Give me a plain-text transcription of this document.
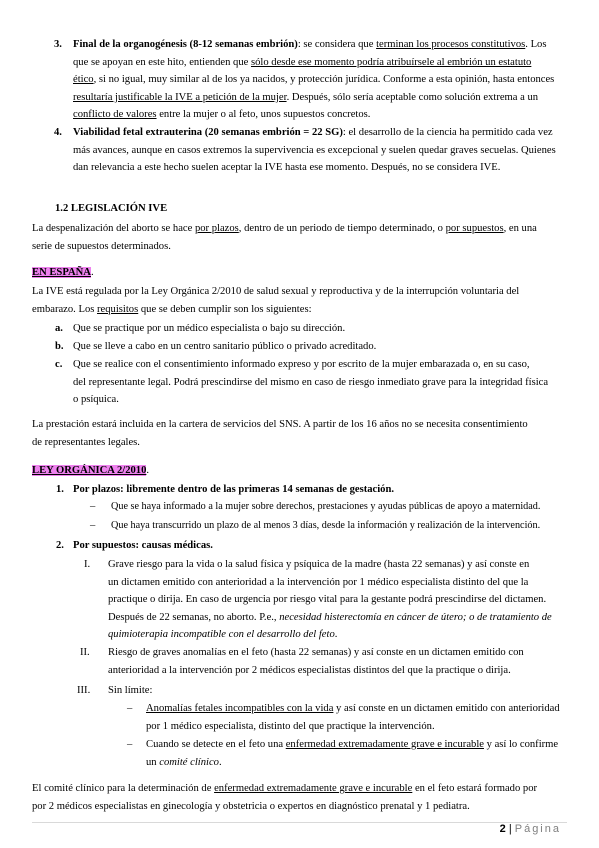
3. Final de la organogénesis (8-12 semanas embrión): se considera que terminan los procesos constitutivos. Los
que se apoyan en este hito, entienden que sólo desde ese momento podría atribuírsele al embrión un estatuto
ético, si no igual, muy similar al de los ya nacidos, y protección jurídica. Conforme a esta opinión, hasta entonces
resultaría justificable la IVE a petición de la mujer. Después, sólo sería aceptable como solución extrema a un
conflicto de valores entre la mujer o al feto, unos supuestos concretos.
4. Viabilidad fetal extrauterina (20 semanas embrión = 22 SG): el desarrollo de la ciencia ha permitido cada vez
más avances, aunque en casos extremos la supervivencia es excepcional y suelen quedar graves secuelas. Quienes
dan relevancia a este hecho suelen aceptar la IVE hasta ese momento. Después, no se considera IVE.
1.2 LEGISLACIÓN IVE
La despenalización del aborto se hace por plazos, dentro de un periodo de tiempo determinado, o por supuestos, en una
serie de supuestos determinados.
EN ESPAÑA.
La IVE está regulada por la Ley Orgánica 2/2010 de salud sexual y reproductiva y de la interrupción voluntaria del
embarazo. Los requisitos que se deben cumplir son los siguientes:
a. Que se practique por un médico especialista o bajo su dirección.
b. Que se lleve a cabo en un centro sanitario público o privado acreditado.
c. Que se realice con el consentimiento informado expreso y por escrito de la mujer embarazada o, en su caso,
del representante legal. Podrá prescindirse del mismo en caso de riesgo inmediato grave para la integridad física
o psíquica.
La prestación estará incluida en la cartera de servicios del SNS. A partir de los 16 años no se necesita consentimiento
de representantes legales.
LEY ORGÁNICA 2/2010.
1. Por plazos: libremente dentro de las primeras 14 semanas de gestación.
– Que se haya informado a la mujer sobre derechos, prestaciones y ayudas públicas de apoyo a maternidad.
– Que haya transcurrido un plazo de al menos 3 días, desde la información y realización de la intervención.
2. Por supuestos: causas médicas.
I. Grave riesgo para la vida o la salud física y psíquica de la madre (hasta 22 semanas) y así conste en
un dictamen emitido con anterioridad a la intervención por 1 médico especialista distinto del que la
practique o dirija. En caso de urgencia por riesgo vital para la gestante podrá prescindirse del dictamen.
Después de 22 semanas, no aborto. P.e., necesidad histerectomía en cáncer de útero; o de tratamiento de
quimioterapia incompatible con el desarrollo del feto.
II. Riesgo de graves anomalías en el feto (hasta 22 semanas) y así conste en un dictamen emitido con
anterioridad a la intervención por 2 médicos especialistas distintos del que la practique o dirija.
III. Sin límite:
– Anomalías fetales incompatibles con la vida y así conste en un dictamen emitido con anterioridad
por 1 médico especialista, distinto del que practique la intervención.
– Cuando se detecte en el feto una enfermedad extremadamente grave e incurable y así lo confirme
un comité clínico.
El comité clínico para la determinación de enfermedad extremadamente grave e incurable en el feto estará formado por
por 2 médicos especialistas en ginecología y obstetricia o expertos en diagnóstico prenatal y 1 pediatra.
2 | Página
